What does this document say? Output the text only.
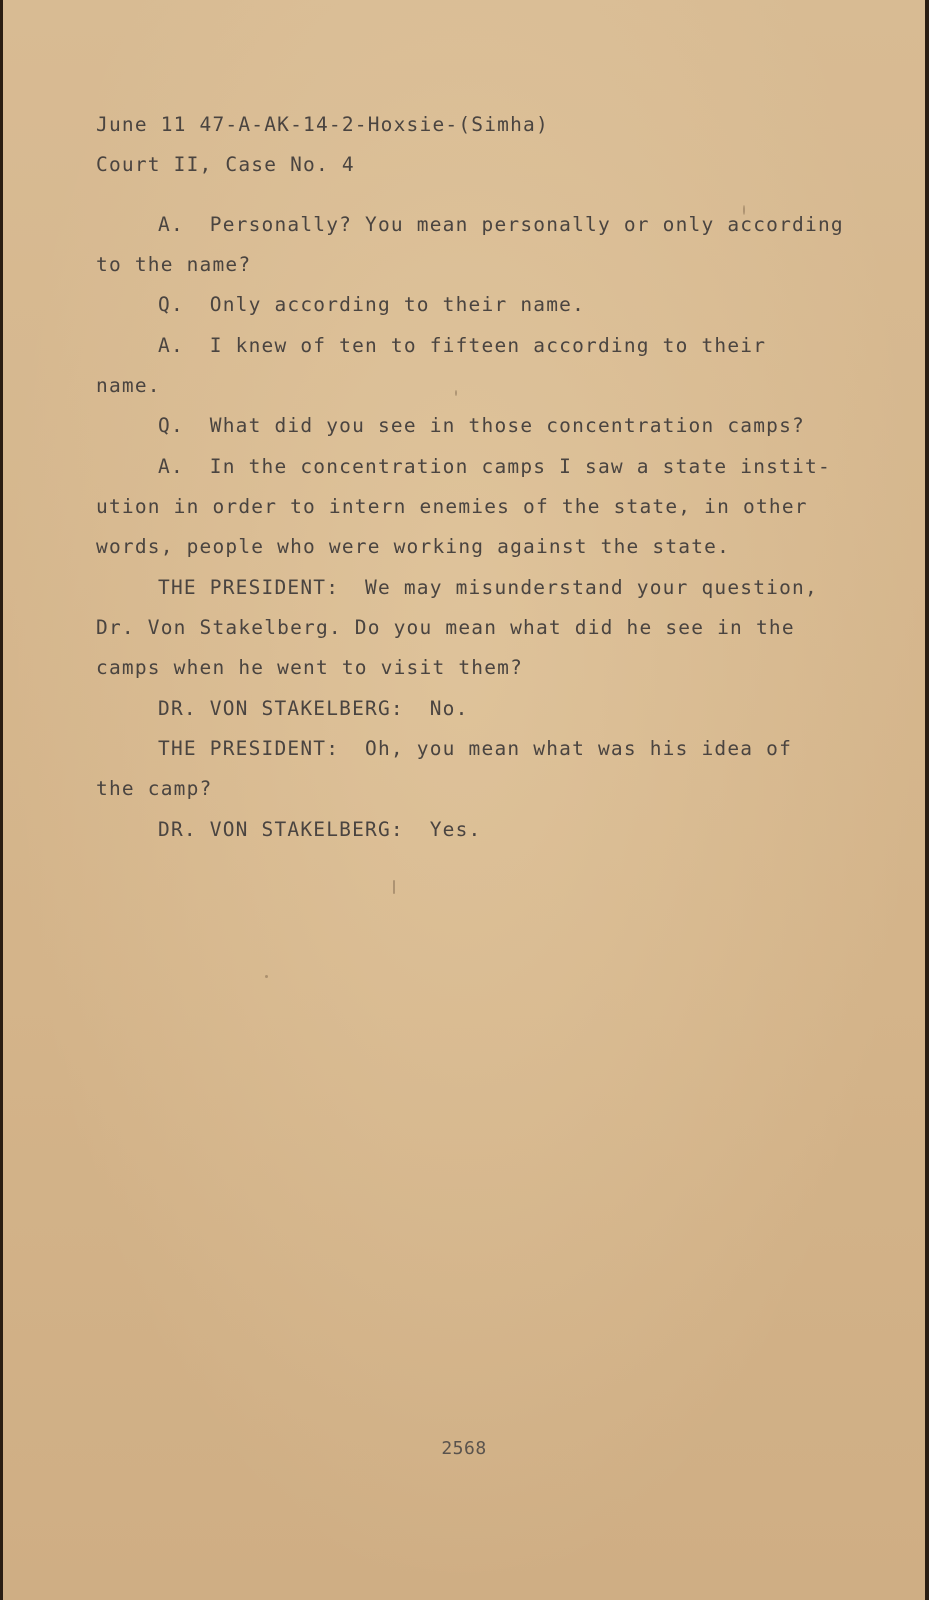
June 11 47-A-AK-14-2-Hoxsie-(Simha)
Court II, Case No. 4
A.  Personally? You mean personally or only according
to the name?
Q.  Only according to their name.
A.  I knew of ten to fifteen according to their
name.
Q.  What did you see in those concentration camps?
A.  In the concentration camps I saw a state instit-
ution in order to intern enemies of the state, in other
words, people who were working against the state.
THE PRESIDENT:  We may misunderstand your question,
Dr. Von Stakelberg. Do you mean what did he see in the
camps when he went to visit them?
DR. VON STAKELBERG:  No.
THE PRESIDENT:  Oh, you mean what was his idea of
the camp?
DR. VON STAKELBERG:  Yes.
2568
